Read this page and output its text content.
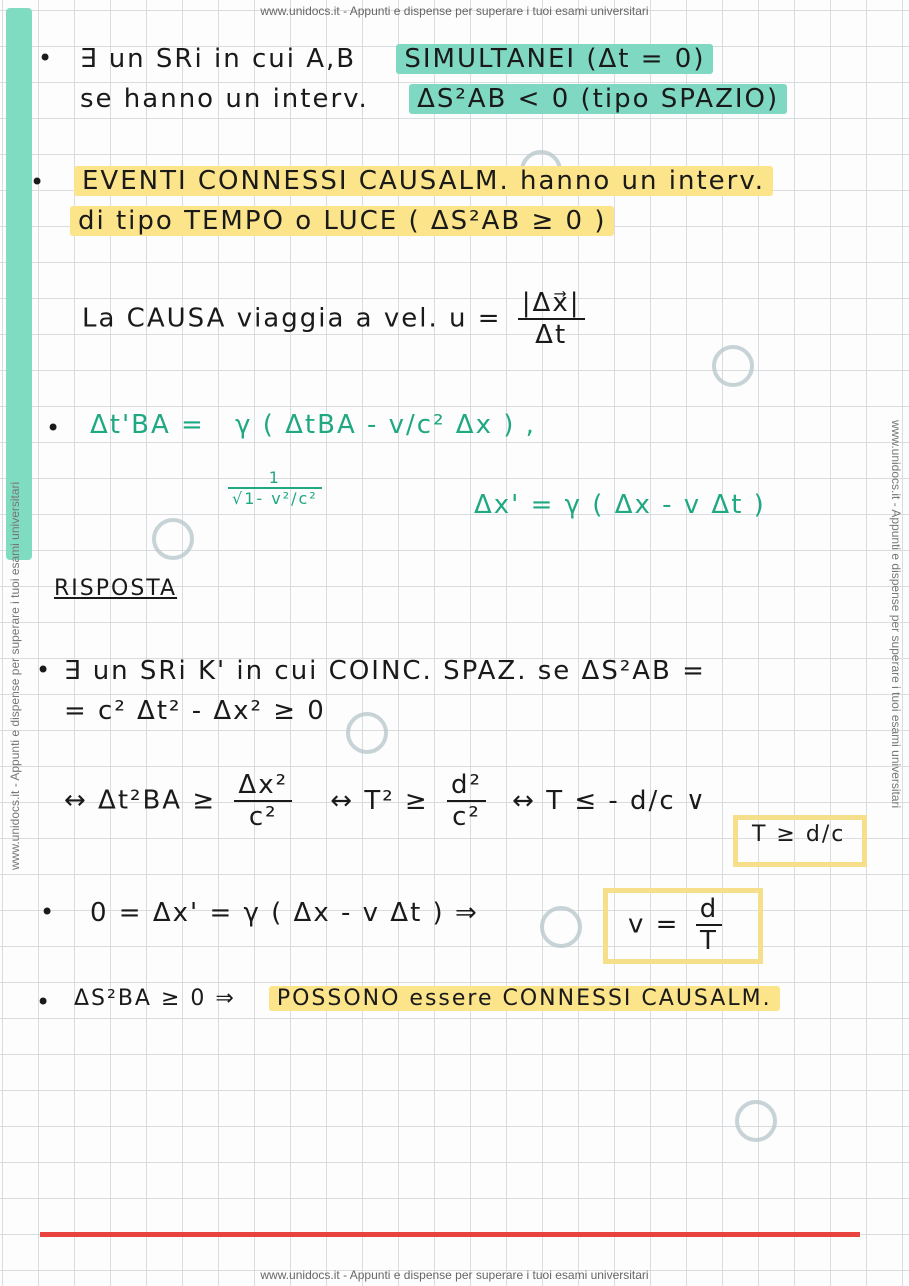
www.unidocs.it - Appunti e dispense per superare i tuoi esami universitari
www.unidocs.it - Appunti e dispense per superare i tuoi esami universitari	www.unidocs.it - Appunti e dispense per superare i tuoi esami universitari
• ∃ un SRi in cui A,B SIMULTANEI (Δt = 0)
se hanno un interv. ΔS²AB < 0 (tipo SPAZIO)
•	EVENTI CONNESSI CAUSALM. hanno un interv.
di tipo TEMPO o LUCE ( ΔS²AB ≥ 0 )
La CAUSA viaggia a vel. $u = \frac{|\Delta x⃗|}{\Delta t}$
• Δt'BA = γ ( ΔtBA - v/c² Δx ) ,
$\frac{1}{\text{√1- v²/c²}}$	Δx' = γ ( Δx - v Δt )
RISPOSTA
• ∃ un SRi K' in cui COINC. SPAZ. se ΔS²AB =
= c² Δt² - Δx² ≥ 0
↔ $\Delta t^2BA \ge \frac{\text{Δx²}}{\text{c²}}$ ↔ $T^2 \ge \frac{\text{d²}}{\text{c²}}$ ↔ T ≤ - d/c ∨
T ≥ d/c
• 0 = Δx' = γ ( Δx - v Δt ) ⇒	$v = \frac{d}{T}$
• ΔS²BA ≥ 0 ⇒ POSSONO essere CONNESSI CAUSALM.
www.unidocs.it - Appunti e dispense per superare i tuoi esami universitari
